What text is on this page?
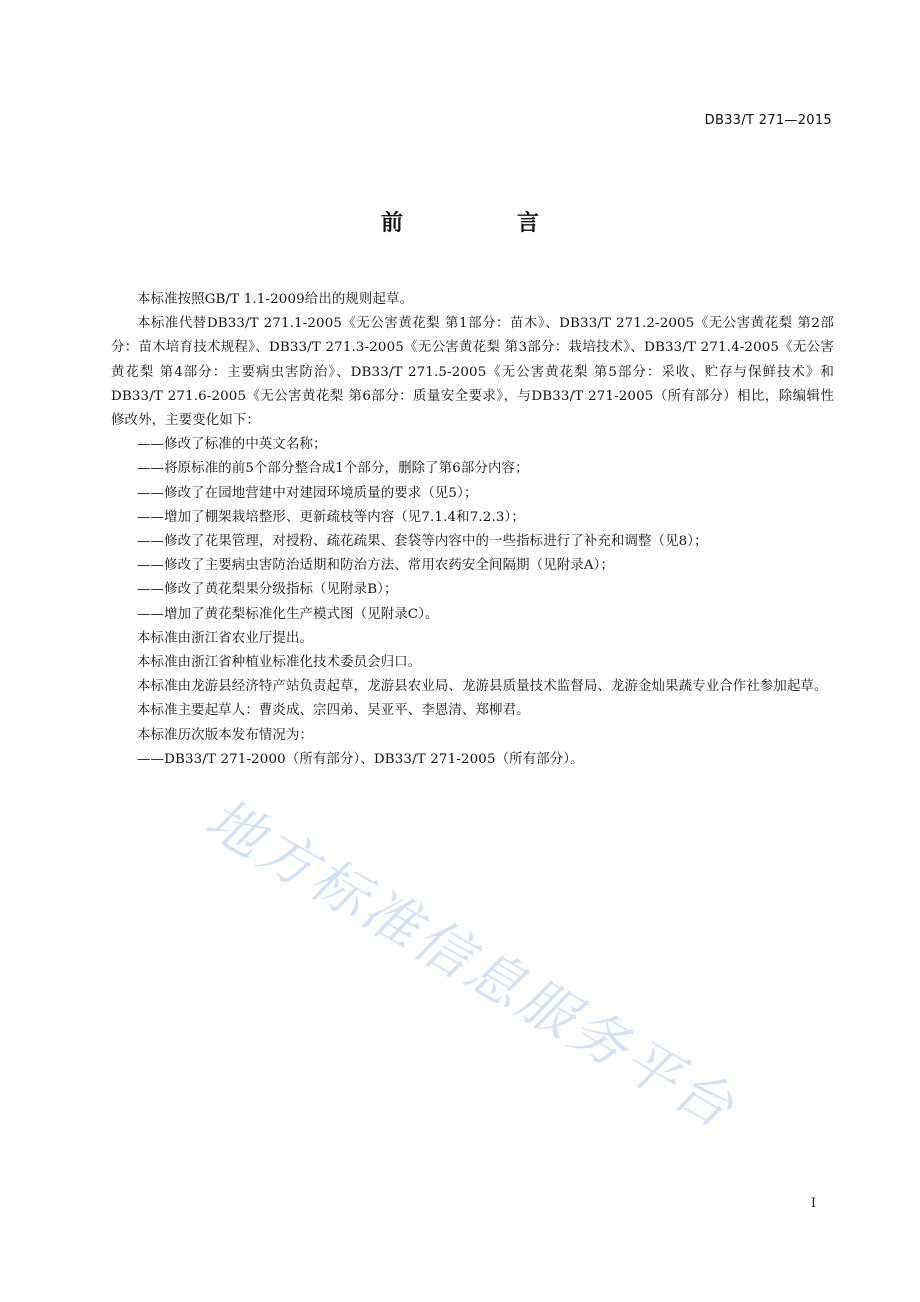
DB33/T 271—2015
前　言

本标准按照GB/T 1.1-2009给出的规则起草。

本标准代替DB33/T 271.1-2005《无公害黄花梨 第1部分：苗木》、DB33/T 271.2-2005《无公害黄花梨 第2部分：苗木培育技术规程》、DB33/T 271.3-2005《无公害黄花梨 第3部分：栽培技术》、DB33/T 271.4-2005《无公害黄花梨 第4部分：主要病虫害防治》、DB33/T 271.5-2005《无公害黄花梨 第5部分：采收、贮存与保鲜技术》和DB33/T 271.6-2005《无公害黄花梨 第6部分：质量安全要求》，与DB33/T 271-2005（所有部分）相比，除编辑性修改外，主要变化如下：

——修改了标准的中英文名称；

——将原标准的前5个部分整合成1个部分，删除了第6部分内容；

——修改了在园地营建中对建园环境质量的要求（见5）；

——增加了棚架栽培整形、更新疏枝等内容（见7.1.4和7.2.3）；

——修改了花果管理，对授粉、疏花疏果、套袋等内容中的一些指标进行了补充和调整（见8）；

——修改了主要病虫害防治适期和防治方法、常用农药安全间隔期（见附录A）；

——修改了黄花梨果分级指标（见附录B）；

——增加了黄花梨标准化生产模式图（见附录C）。

本标准由浙江省农业厅提出。

本标准由浙江省种植业标准化技术委员会归口。

本标准由龙游县经济特产站负责起草，龙游县农业局、龙游县质量技术监督局、龙游金灿果蔬专业合作社参加起草。

本标准主要起草人：曹炎成、宗四弟、吴亚平、李恩清、郑柳君。

本标准历次版本发布情况为：

——DB33/T 271-2000（所有部分）、DB33/T 271-2005（所有部分）。

地方标准信息服务平台
I
